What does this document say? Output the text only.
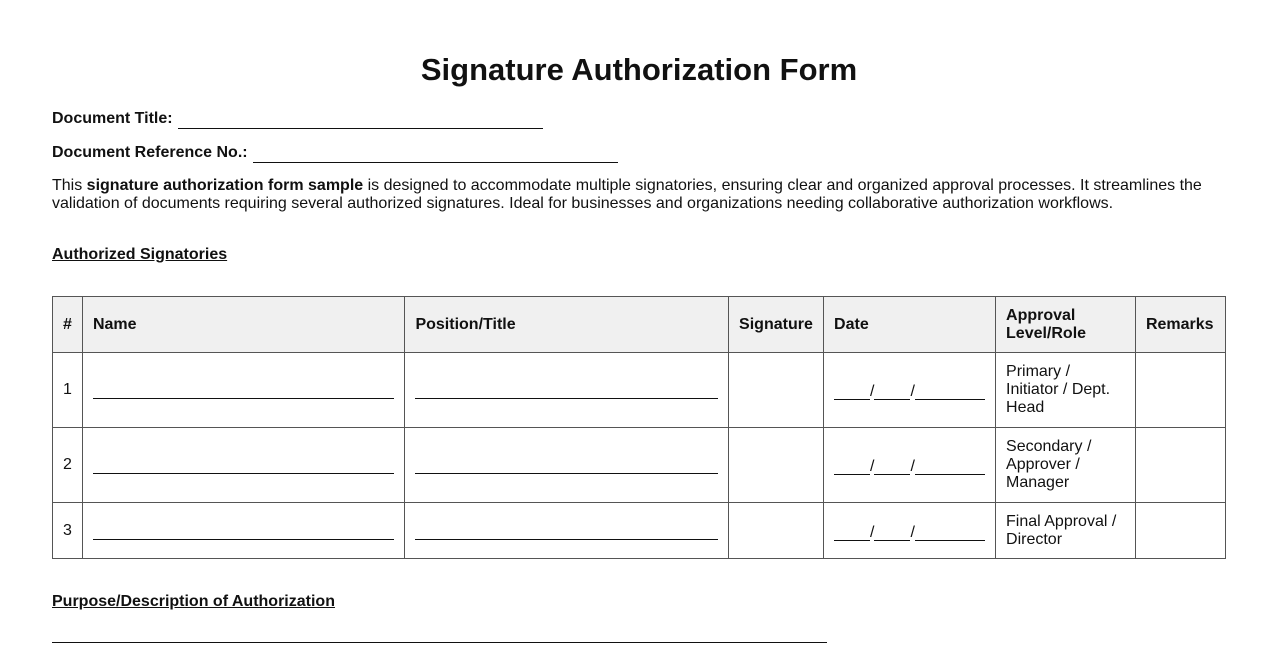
Signature Authorization Form
Document Title:
Document Reference No.:

This signature authorization form sample is designed to accommodate multiple signatories, ensuring clear and organized approval processes. It streamlines the validation of documents requiring several authorized signatures. Ideal for businesses and organizations needing collaborative authorization workflows.

Authorized Signatories
#	Name	Position/Title	Signature	Date	Approval Level/Role	Remarks
1				/ /	Primary / Initiator / Dept. Head	
2				/ /	Secondary / Approver / Manager	
3				/ /	Final Approval / Director	
Purpose/Description of Authorization
